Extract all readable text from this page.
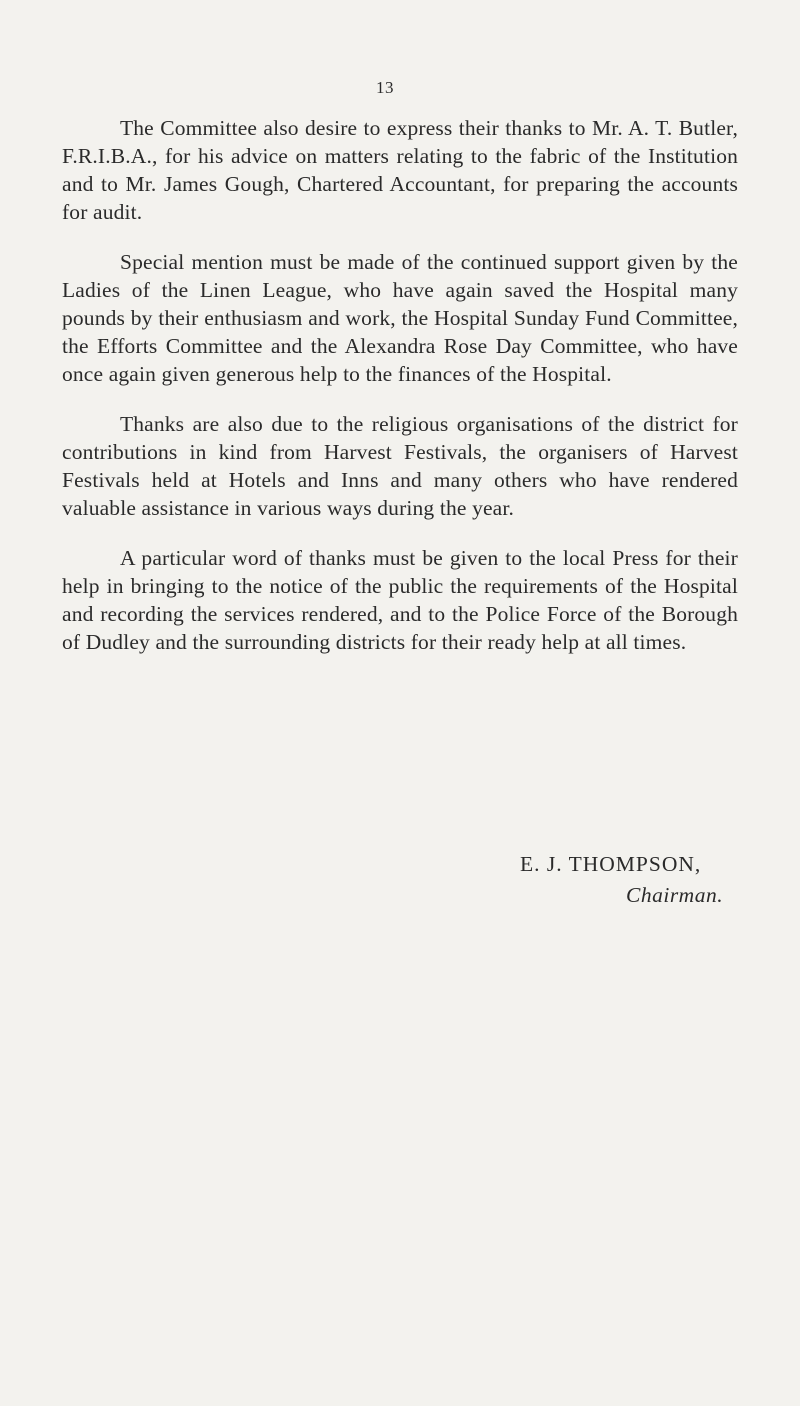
13

The Committee also desire to express their thanks to Mr. A. T. Butler, F.R.I.B.A., for his advice on matters relating to the fabric of the Institution and to Mr. James Gough, Chartered Accountant, for preparing the accounts for audit.

Special mention must be made of the continued support given by the Ladies of the Linen League, who have again saved the Hospital many pounds by their enthusiasm and work, the Hospital Sunday Fund Committee, the Efforts Committee and the Alexandra Rose Day Committee, who have once again given generous help to the finances of the Hospital.

Thanks are also due to the religious organisations of the district for contributions in kind from Harvest Festivals, the organisers of Harvest Festivals held at Hotels and Inns and many others who have rendered valuable assistance in various ways during the year.

A particular word of thanks must be given to the local Press for their help in bringing to the notice of the public the requirements of the Hospital and recording the services rendered, and to the Police Force of the Borough of Dudley and the surrounding districts for their ready help at all times.

E. J. THOMPSON,
Chairman.
